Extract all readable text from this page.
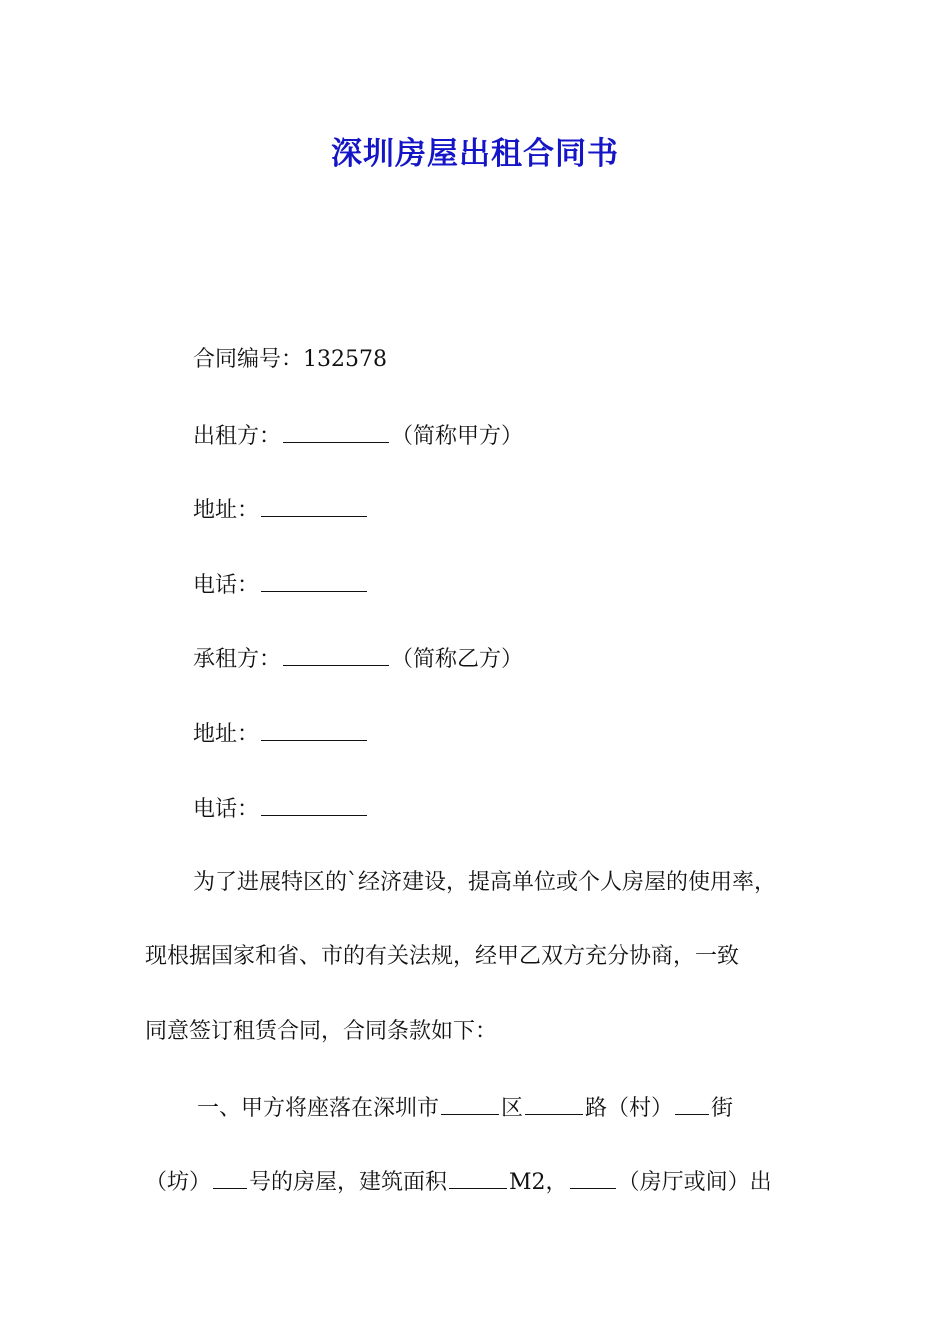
深圳房屋出租合同书
合同编号：132578
出租方：	（简称甲方）
地址：
电话：
承租方：	（简称乙方）
地址：
电话：
为了进展特区的`经济建设，提高单位或个人房屋的使用率，
现根据国家和省、市的有关法规，经甲乙双方充分协商，一致
同意签订租赁合同，合同条款如下：
一、甲方将座落在深圳市	区	路（村） 街
（坊） 号的房屋，建筑面积	M2， （房厅或间）出
